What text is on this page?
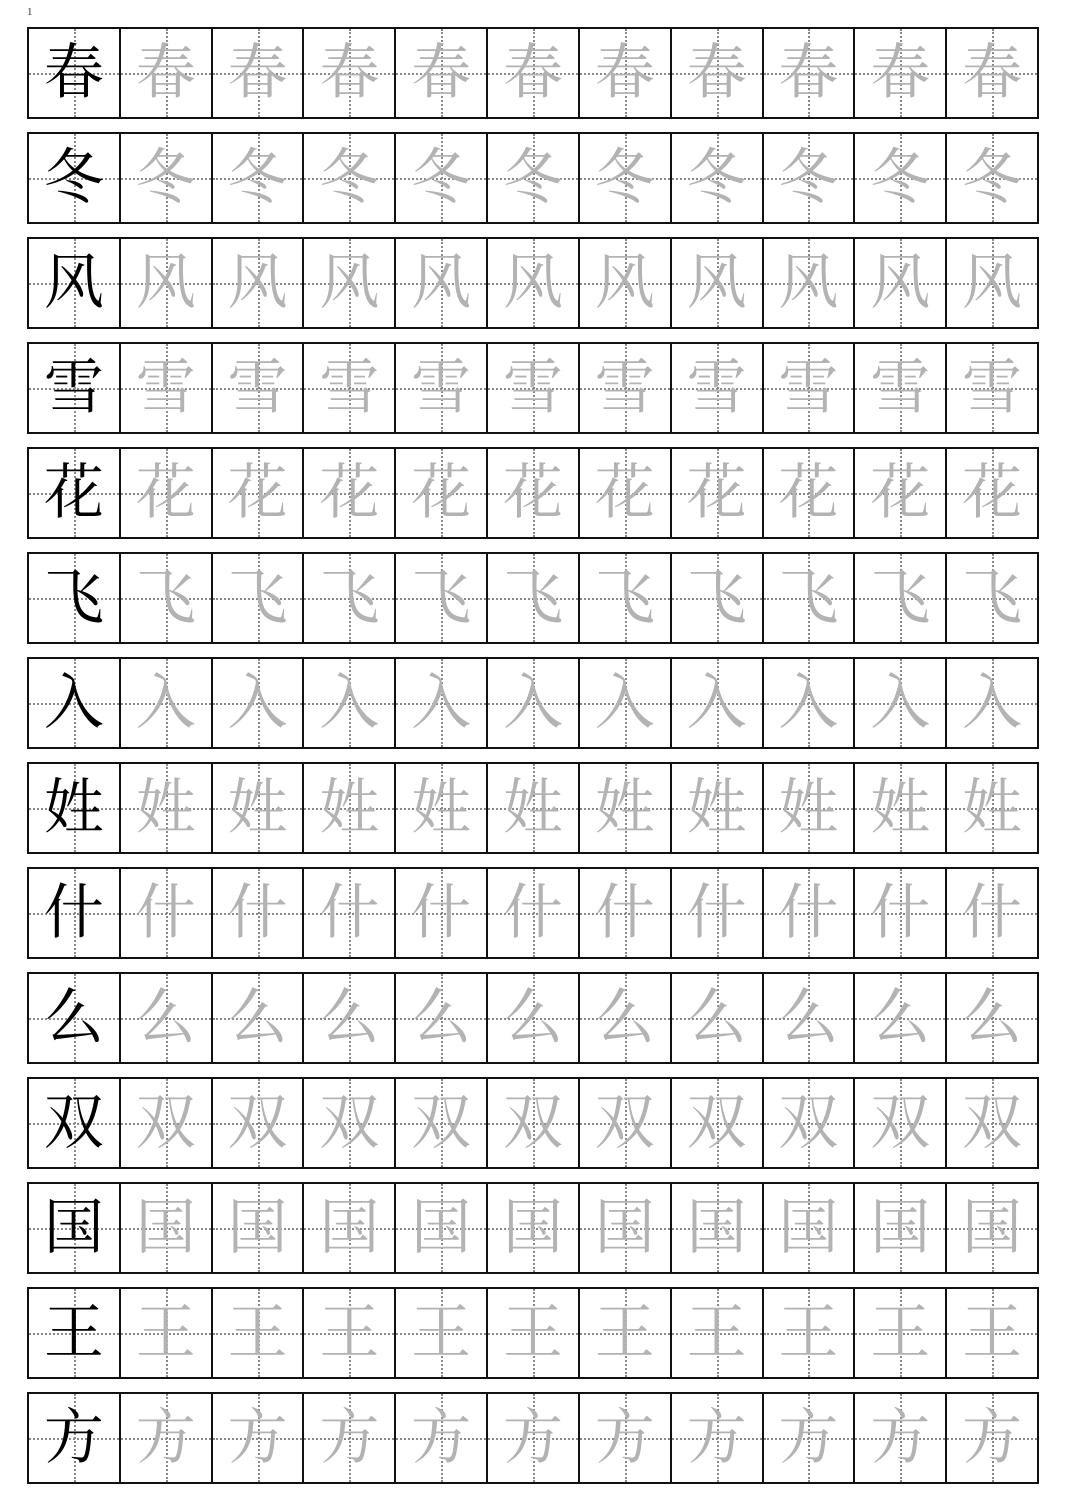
1
春 春 春 春 春 春 春 春 春 春 春
冬 冬 冬 冬 冬 冬 冬 冬 冬 冬 冬
风 风 风 风 风 风 风 风 风 风 风
雪 雪 雪 雪 雪 雪 雪 雪 雪 雪 雪
花 花 花 花 花 花 花 花 花 花 花
飞 飞 飞 飞 飞 飞 飞 飞 飞 飞 飞
入 入 入 入 入 入 入 入 入 入 入
姓 姓 姓 姓 姓 姓 姓 姓 姓 姓 姓
什 什 什 什 什 什 什 什 什 什 什
么 么 么 么 么 么 么 么 么 么 么
双 双 双 双 双 双 双 双 双 双 双
国 国 国 国 国 国 国 国 国 国 国
王 王 王 王 王 王 王 王 王 王 王
方 方 方 方 方 方 方 方 方 方 方
